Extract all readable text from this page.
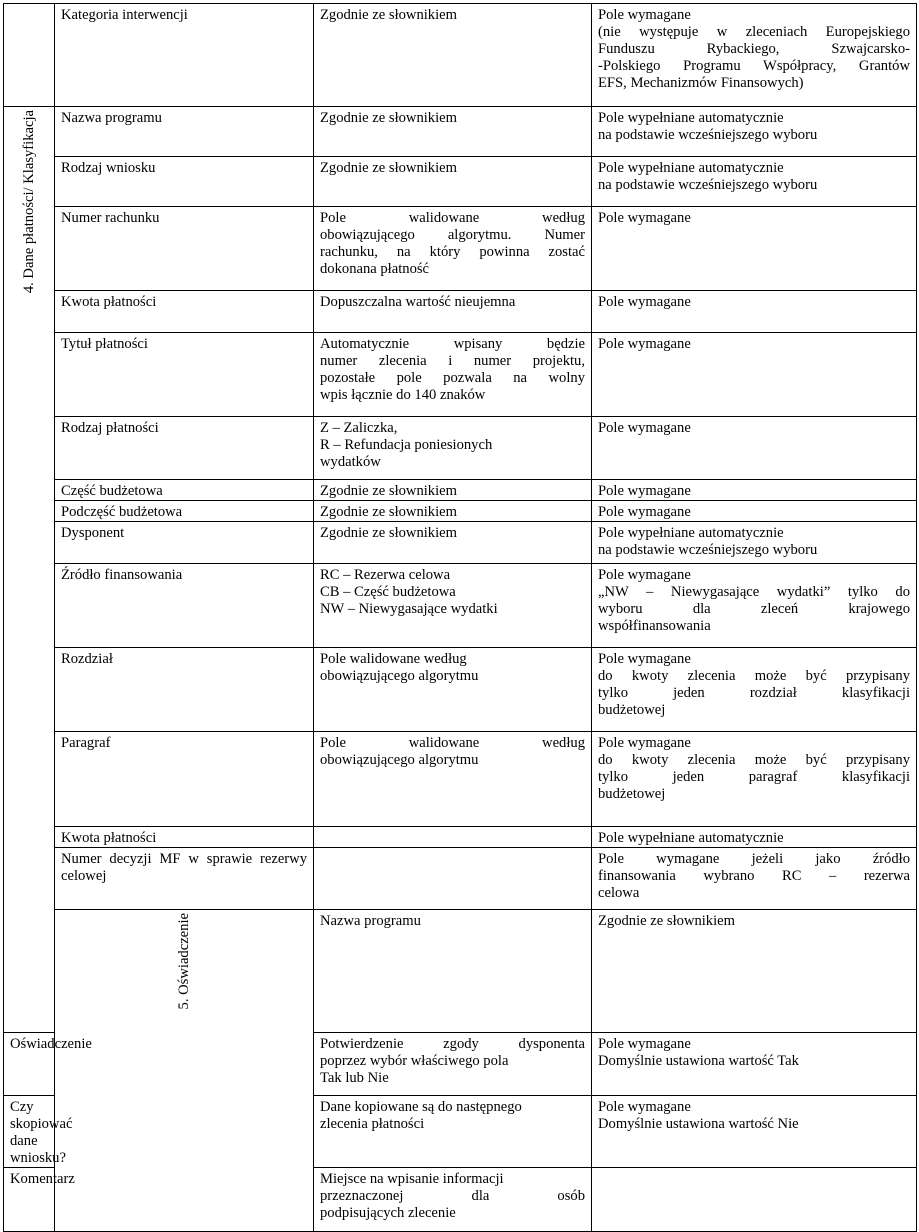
	Kategoria interwencji	Zgodnie ze słownikiem	Pole wymagane
(nie występuje w zleceniach Europejskiego
Funduszu Rybackiego, Szwajcarsko-
-Polskiego Programu Współpracy, Grantów
EFS, Mechanizmów Finansowych)	

4. Dane płatności/ Klasyfikacja	Nazwa programu	Zgodnie ze słownikiem	Pole wypełniane automatycznie
na podstawie wcześniejszego wyboru	

	Rodzaj wniosku	Zgodnie ze słownikiem	Pole wypełniane automatycznie
na podstawie wcześniejszego wyboru	

	Numer rachunku	Pole walidowane według
obowiązującego algorytmu. Numer
rachunku, na który powinna zostać
dokonana płatność	Pole wymagane	

	Kwota płatności	Dopuszczalna wartość nieujemna	Pole wymagane	

	Tytuł płatności	Automatycznie wpisany będzie
numer zlecenia i numer projektu,
pozostałe pole pozwala na wolny
wpis łącznie do 140 znaków	Pole wymagane	

	Rodzaj płatności	Z – Zaliczka,
R – Refundacja poniesionych
wydatków	Pole wymagane	

	Część budżetowa	Zgodnie ze słownikiem	Pole wymagane	

	Podczęść budżetowa	Zgodnie ze słownikiem	Pole wymagane	

	Dysponent	Zgodnie ze słownikiem	Pole wypełniane automatycznie
na podstawie wcześniejszego wyboru	

	Źródło finansowania	RC – Rezerwa celowa
CB – Część budżetowa
NW – Niewygasające wydatki	Pole wymagane
„NW – Niewygasające wydatki” tylko do
wyboru dla zleceń krajowego
współfinansowania	

	Rozdział	Pole walidowane według
obowiązującego algorytmu	Pole wymagane
do kwoty zlecenia może być przypisany
tylko jeden rozdział klasyfikacji
budżetowej	

	Paragraf	Pole walidowane według
obowiązującego algorytmu	Pole wymagane
do kwoty zlecenia może być przypisany
tylko jeden paragraf klasyfikacji
budżetowej	

	Kwota płatności		Pole wypełniane automatycznie	

	Numer decyzji MF w sprawie rezerwy celowej		Pole wymagane jeżeli jako źródło
finansowania wybrano RC – rezerwa
celowa	

	5. Oświadczenie	Nazwa programu	Zgodnie ze słownikiem

Oświadczenie		Potwierdzenie zgody dysponenta
poprzez wybór właściwego pola
Tak lub Nie	Pole wymagane
Domyślnie ustawiona wartość Tak	

Czy skopiować dane wniosku?		Dane kopiowane są do następnego
zlecenia płatności	Pole wymagane
Domyślnie ustawiona wartość Nie	

Komentarz		Miejsce na wpisanie informacji
przeznaczonej dla osób
podpisujących zlecenie		
